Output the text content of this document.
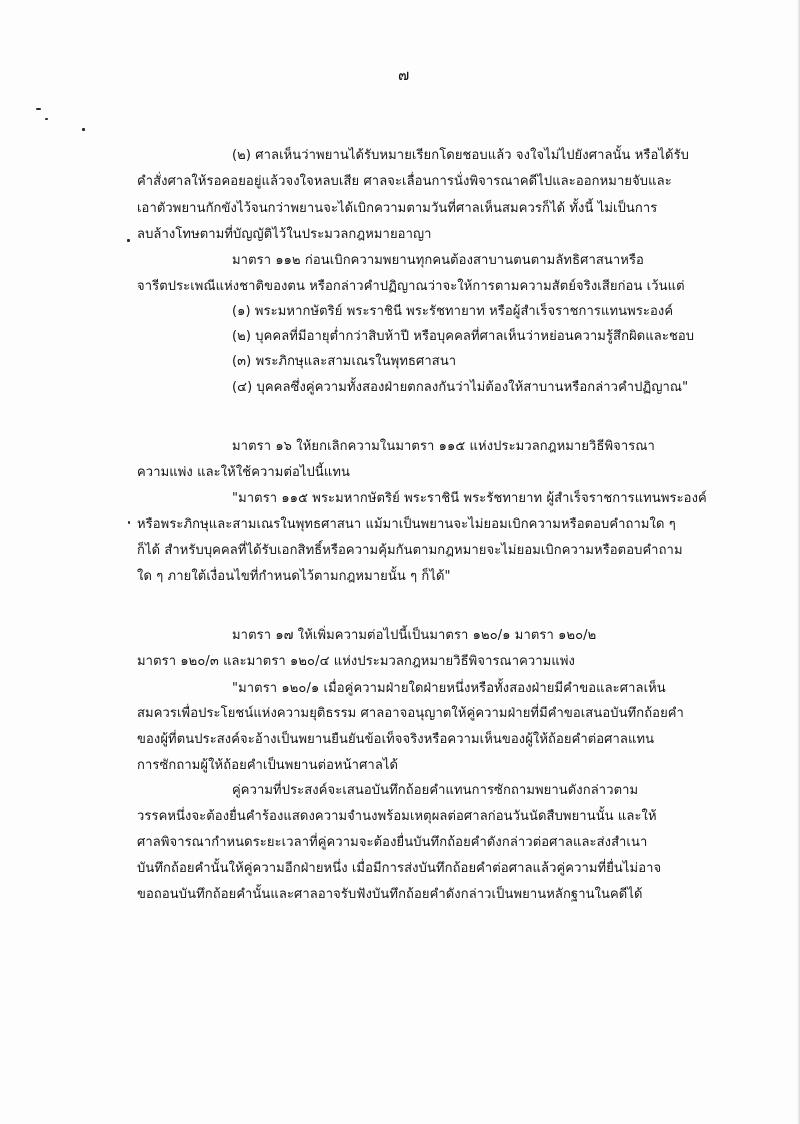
๗
(๒) ศาลเห็นว่าพยานได้รับหมายเรียกโดยชอบแล้ว จงใจไม่ไปยังศาลนั้น หรือได้รับ
คำสั่งศาลให้รอคอยอยู่แล้วจงใจหลบเสีย ศาลจะเลื่อนการนั่งพิจารณาคดีไปและออกหมายจับและ
เอาตัวพยานกักขังไว้จนกว่าพยานจะได้เบิกความตามวันที่ศาลเห็นสมควรก็ได้ ทั้งนี้ ไม่เป็นการ
ลบล้างโทษตามที่บัญญัติไว้ในประมวลกฎหมายอาญา
มาตรา ๑๑๒ ก่อนเบิกความพยานทุกคนต้องสาบานตนตามลัทธิศาสนาหรือ
จารีตประเพณีแห่งชาติของตน หรือกล่าวคำปฏิญาณว่าจะให้การตามความสัตย์จริงเสียก่อน เว้นแต่
(๑) พระมหากษัตริย์ พระราชินี พระรัชทายาท หรือผู้สำเร็จราชการแทนพระองค์
(๒) บุคคลที่มีอายุต่ำกว่าสิบห้าปี หรือบุคคลที่ศาลเห็นว่าหย่อนความรู้สึกผิดและชอบ
(๓) พระภิกษุและสามเณรในพุทธศาสนา
(๔) บุคคลซึ่งคู่ความทั้งสองฝ่ายตกลงกันว่าไม่ต้องให้สาบานหรือกล่าวคำปฏิญาณ"
มาตรา ๑๖ ให้ยกเลิกความในมาตรา ๑๑๕ แห่งประมวลกฎหมายวิธีพิจารณา
ความแพ่ง และให้ใช้ความต่อไปนี้แทน
"มาตรา ๑๑๕ พระมหากษัตริย์ พระราชินี พระรัชทายาท ผู้สำเร็จราชการแทนพระองค์
หรือพระภิกษุและสามเณรในพุทธศาสนา แม้มาเป็นพยานจะไม่ยอมเบิกความหรือตอบคำถามใด ๆ
ก็ได้ สำหรับบุคคลที่ได้รับเอกสิทธิ์หรือความคุ้มกันตามกฎหมายจะไม่ยอมเบิกความหรือตอบคำถาม
ใด ๆ ภายใต้เงื่อนไขที่กำหนดไว้ตามกฎหมายนั้น ๆ ก็ได้"
มาตรา ๑๗ ให้เพิ่มความต่อไปนี้เป็นมาตรา ๑๒๐/๑ มาตรา ๑๒๐/๒
มาตรา ๑๒๐/๓ และมาตรา ๑๒๐/๔ แห่งประมวลกฎหมายวิธีพิจารณาความแพ่ง
"มาตรา ๑๒๐/๑ เมื่อคู่ความฝ่ายใดฝ่ายหนึ่งหรือทั้งสองฝ่ายมีคำขอและศาลเห็น
สมควรเพื่อประโยชน์แห่งความยุติธรรม ศาลอาจอนุญาตให้คู่ความฝ่ายที่มีคำขอเสนอบันทึกถ้อยคำ
ของผู้ที่ตนประสงค์จะอ้างเป็นพยานยืนยันข้อเท็จจริงหรือความเห็นของผู้ให้ถ้อยคำต่อศาลแทน
การซักถามผู้ให้ถ้อยคำเป็นพยานต่อหน้าศาลได้
คู่ความที่ประสงค์จะเสนอบันทึกถ้อยคำแทนการซักถามพยานดังกล่าวตาม
วรรคหนึ่งจะต้องยื่นคำร้องแสดงความจำนงพร้อมเหตุผลต่อศาลก่อนวันนัดสืบพยานนั้น และให้
ศาลพิจารณากำหนดระยะเวลาที่คู่ความจะต้องยื่นบันทึกถ้อยคำดังกล่าวต่อศาลและส่งสำเนา
บันทึกถ้อยคำนั้นให้คู่ความอีกฝ่ายหนึ่ง เมื่อมีการส่งบันทึกถ้อยคำต่อศาลแล้วคู่ความที่ยื่นไม่อาจ
ขอถอนบันทึกถ้อยคำนั้นและศาลอาจรับฟังบันทึกถ้อยคำดังกล่าวเป็นพยานหลักฐานในคดีได้
